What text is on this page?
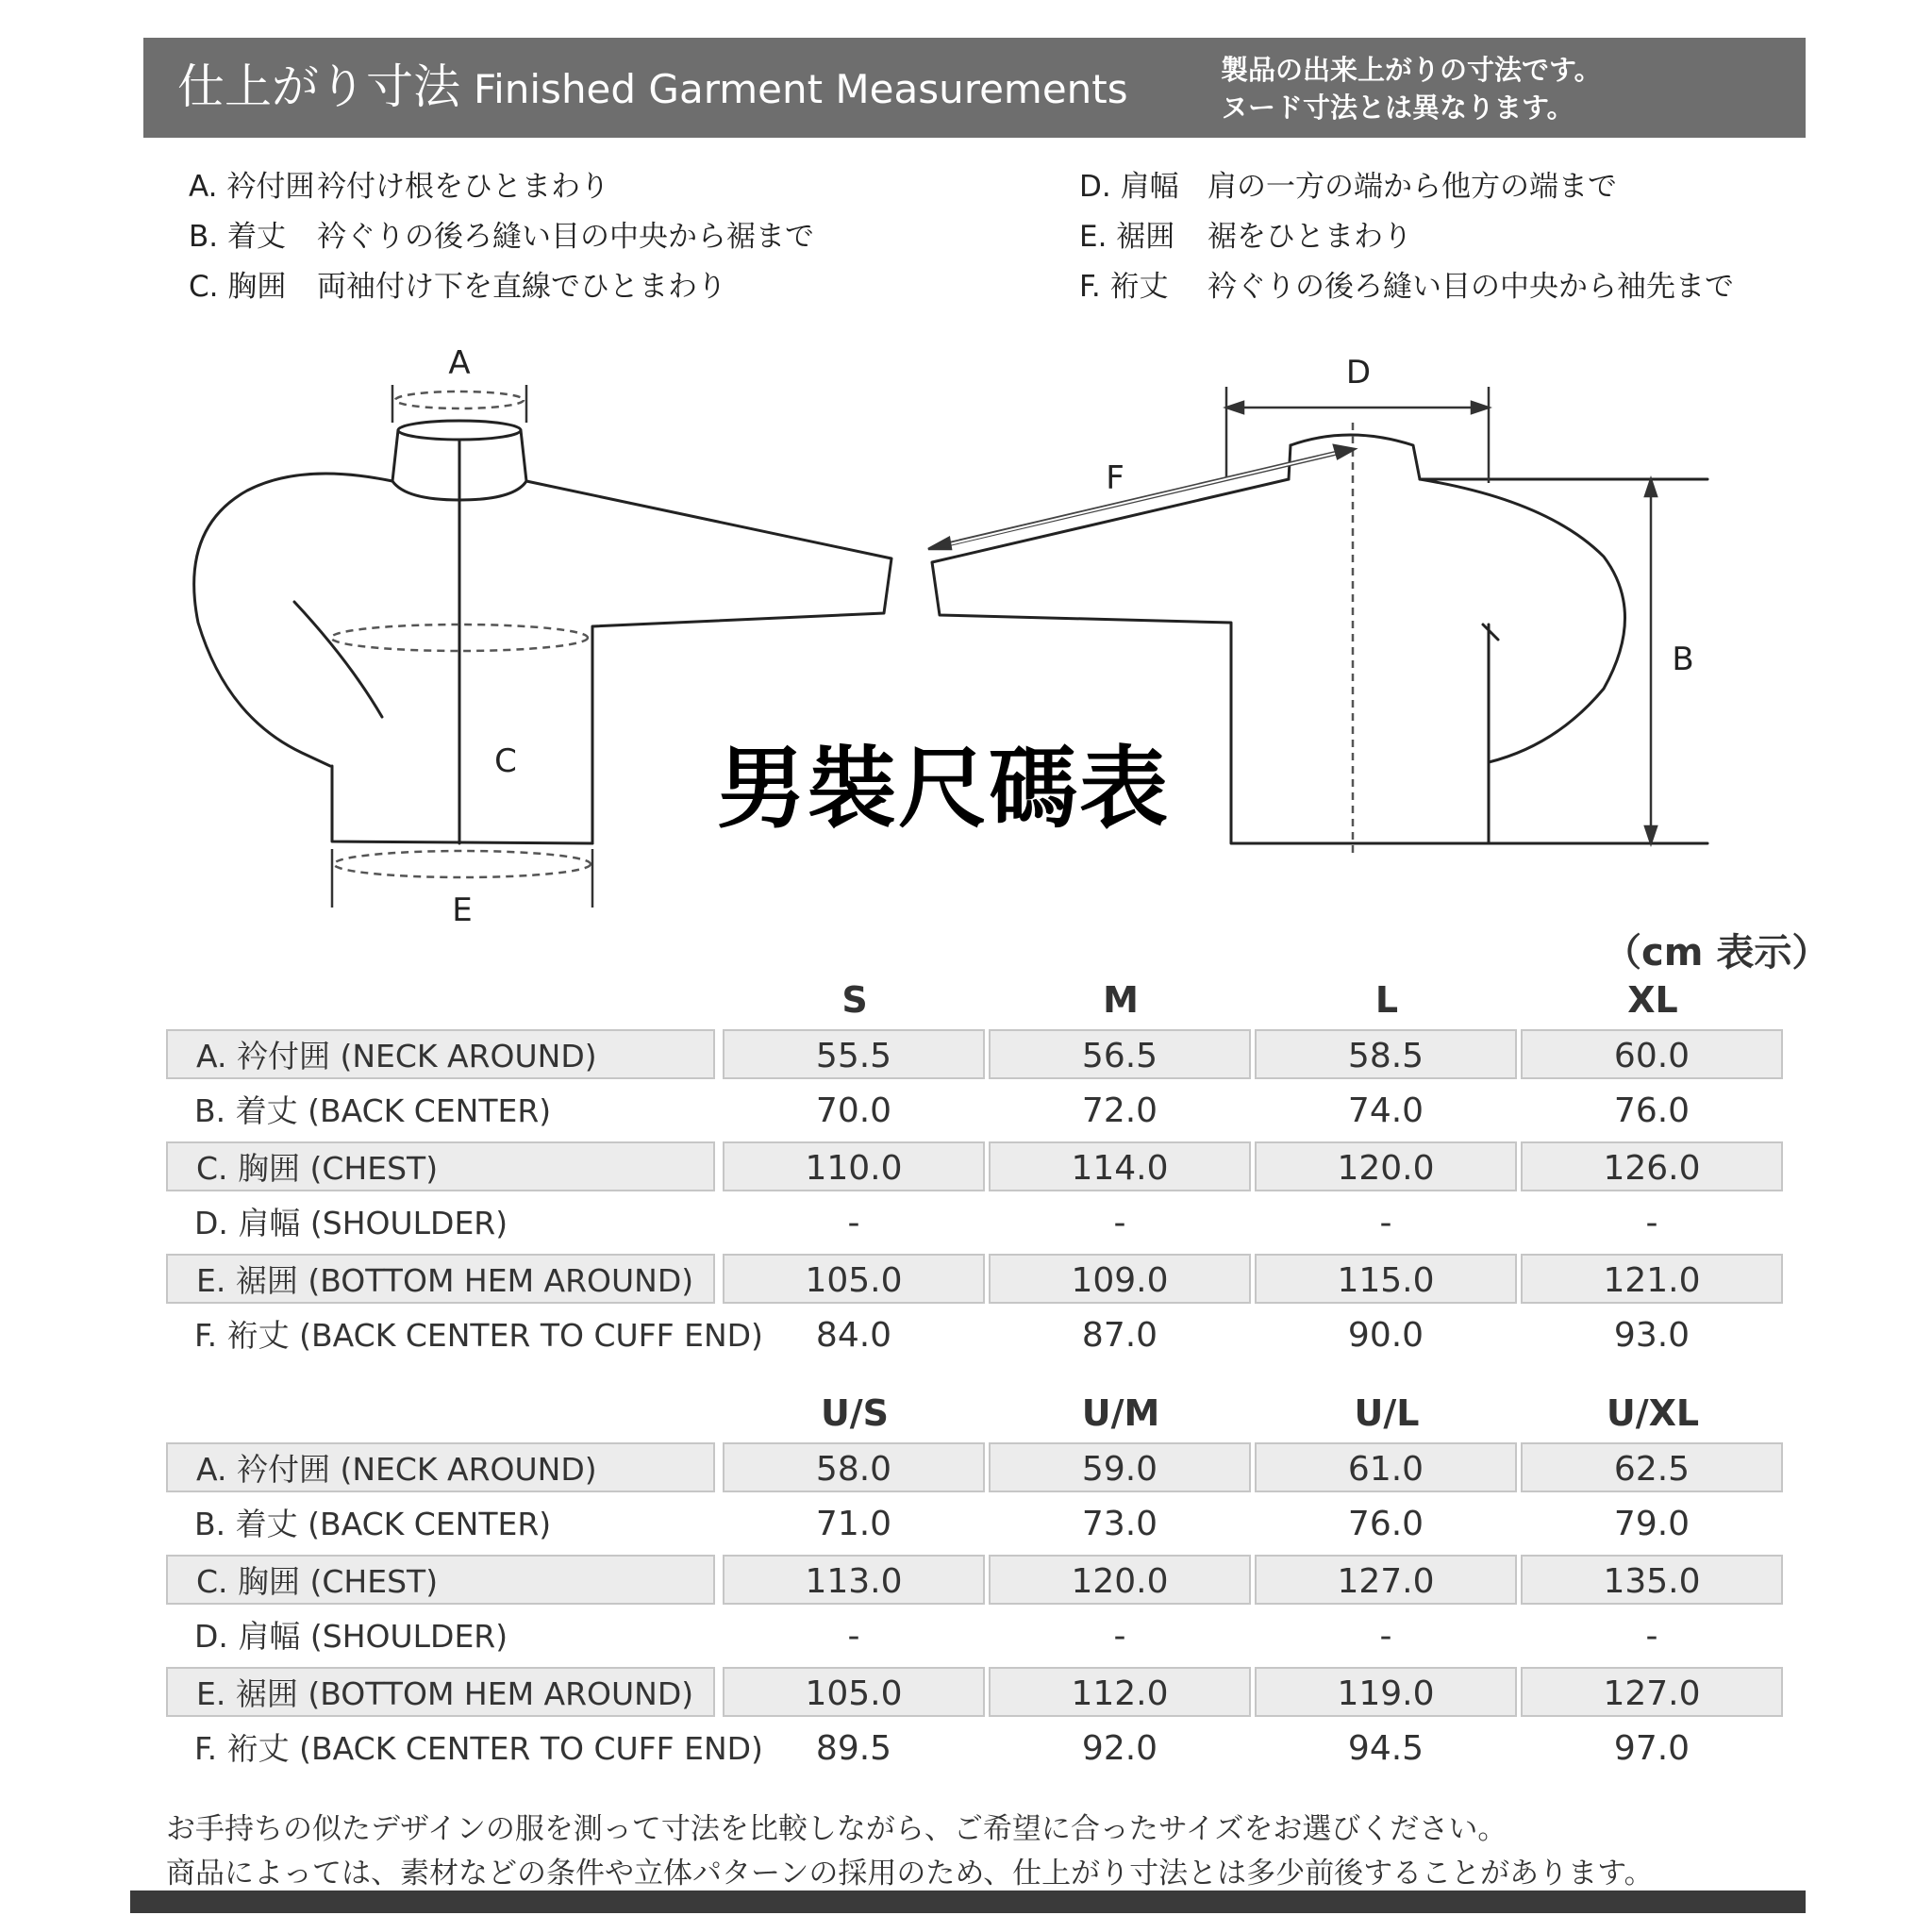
仕上がり寸法 Finished Garment Measurements	製品の出来上がりの寸法です。
ヌード寸法とは異なります。
A. 衿付囲衿付け根をひとまわり
B. 着丈 衿ぐりの後ろ縫い目の中央から裾まで
C. 胸囲 両袖付け下を直線でひとまわり
D. 肩幅 肩の一方の端から他方の端まで
E. 裾囲 裾をひとまわり
F. 裄丈 衿ぐりの後ろ縫い目の中央から袖先まで
A	D
F
B
C
E
男裝尺碼表
（cm 表示）
S	M	L	XL
A. 衿付囲 (NECK AROUND)	55.5	56.5	58.5	60.0
B. 着丈 (BACK CENTER)	70.0	72.0	74.0	76.0
C. 胸囲 (CHEST)	110.0	114.0	120.0	126.0
D. 肩幅 (SHOULDER)	-	-	-	-
E. 裾囲 (BOTTOM HEM AROUND)	105.0	109.0	115.0	121.0
F. 裄丈 (BACK CENTER TO CUFF END)	84.0	87.0	90.0	93.0
U/S	U/M	U/L	U/XL
A. 衿付囲 (NECK AROUND)	58.0	59.0	61.0	62.5
B. 着丈 (BACK CENTER)	71.0	73.0	76.0	79.0
C. 胸囲 (CHEST)	113.0	120.0	127.0	135.0
D. 肩幅 (SHOULDER)	-	-	-	-
E. 裾囲 (BOTTOM HEM AROUND)	105.0	112.0	119.0	127.0
F. 裄丈 (BACK CENTER TO CUFF END)	89.5	92.0	94.5	97.0
お手持ちの似たデザインの服を測って寸法を比較しながら、ご希望に合ったサイズをお選びください。
商品によっては、素材などの条件や立体パターンの採用のため、仕上がり寸法とは多少前後することがあります。
